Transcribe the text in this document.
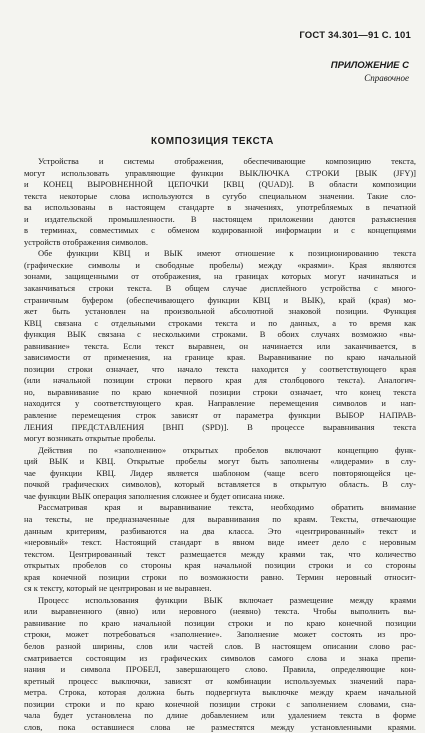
ГОСТ 34.301—91 С. 101
ПРИЛОЖЕНИЕ С
Справочное
КОМПОЗИЦИЯ ТЕКСТА
Устройства и системы отображения, обеспечивающие композицию текста,
могут использовать управляющие функции ВЫКЛЮЧКА СТРОКИ [ВЫК (JFY)]
и КОНЕЦ ВЫРОВНЕННОЙ ЦЕПОЧКИ [КВЦ (QUAD)]. В области композиции
текста некоторые слова используются в сугубо специальном значении. Такие сло-
ва использованы в настоящем стандарте в значениях, употребляемых в печатной
и издательской промышленности. В настоящем приложении даются разъяснения
в терминах, совместимых с обменом кодированной информации и с концепциями
устройств отображения символов.
Обе функции КВЦ и ВЫК имеют отношение к позиционированию текста
(графические символы и свободные пробелы) между «краями». Края являются
зонами, защищенными от отображения, на границах которых могут начинаться и
заканчиваться строки текста. В общем случае дисплейного устройства с много-
страничным буфером (обеспечивающего функции КВЦ и ВЫК), край (края) мо-
жет быть установлен на произвольной абсолютной знаковой позиции. Функция
КВЦ связана с отдельными строками текста и по данных, а то время как
функция ВЫК связана с несколькими строками. В обоих случаях возможно «вы-
равнивание» текста. Если текст выравнен, он начинается или заканчивается, в
зависимости от применения, на границе края. Выравнивание по краю начальной
позиции строки означает, что начало текста находится у соответствующего края
(или начальной позиции строки первого края для столбцового текста). Аналогич-
но, выравнивание по краю конечной позиции строки означает, что конец текста
находится у соответствующего края. Направление перемещения символов и нап-
равление перемещения строк зависят от параметра функции ВЫБОР НАПРАВ-
ЛЕНИЯ ПРЕДСТАВЛЕНИЯ [ВНП (SPD)]. В процессе выравнивания текста
могут возникать открытые пробелы.
Действия по «заполнению» открытых пробелов включают концепцию функ-
ций ВЫК и КВЦ. Открытые пробелы могут быть заполнены «лидерами» в слу-
чае функции КВЦ. Лидер является шаблоном (чаще всего повторяющейся це-
почкой графических символов), который вставляется в открытую область. В слу-
чае функции ВЫК операция заполнения сложнее и будет описана ниже.
Рассматривая края и выравнивание текста, необходимо обратить внимание
на тексты, не предназначенные для выравнивания по краям. Тексты, отвечающие
данным критериям, разбиваются на два класса. Это «центрированный» текст и
«неровный» текст. Настоящий стандарт в явном виде имеет дело с неровным
текстом. Центрированный текст размещается между краями так, что количество
открытых пробелов со стороны края начальной позиции строки и со стороны
края конечной позиции строки по возможности равно. Термин неровный относит-
ся к тексту, который не центрирован и не выравнен.
Процесс использования функции ВЫК включает размещение между краями
или выравненного (явно) или неровного (неявно) текста. Чтобы выполнить вы-
равнивание по краю начальной позиции строки и по краю конечной позиции
строки, может потребоваться «заполнение». Заполнение может состоять из про-
белов разной ширины, слов или частей слов. В настоящем описании слово рас-
сматривается состоящим из графических символов самого слова и знака препи-
нания и символа ПРОБЕЛ, завершающего слово. Правила, определяющие кон-
кретный процесс выключки, зависят от комбинации используемых значений пара-
метра. Строка, которая должна быть подвергнута выключке между краем начальной
позиции строки и по краю конечной позиции строки с заполнением словами, сна-
чала будет установлена по длине добавлением или удалением текста в форме
слов, пока оставшиеся слова не разместятся между установленными краями.
